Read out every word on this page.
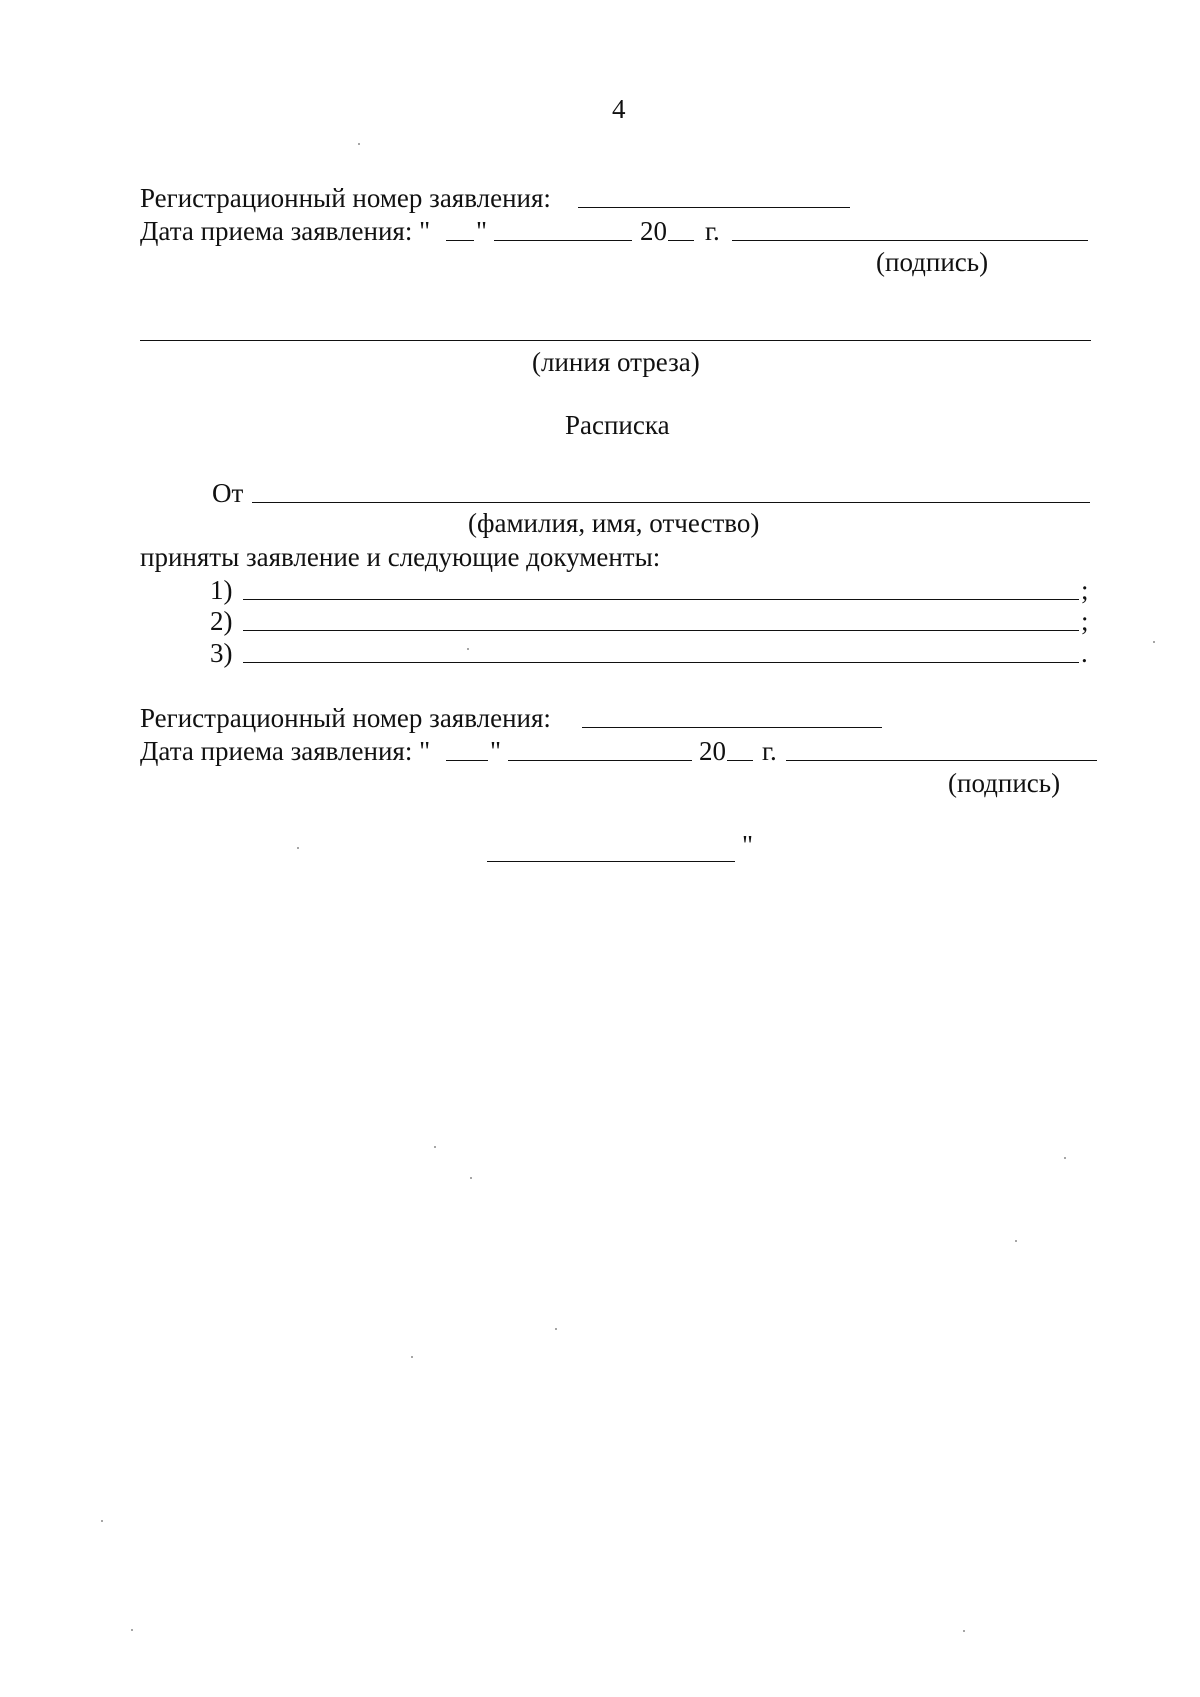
4
Регистрационный номер заявления:
Дата приема заявления: " "	20 г.
(подпись)
(линия отреза)
Расписка
От
(фамилия, имя, отчество)
приняты заявление и следующие документы:
1)	;
2)	;
3)	.
Регистрационный номер заявления:
Дата приема заявления: " "	20 г.
(подпись)
"
